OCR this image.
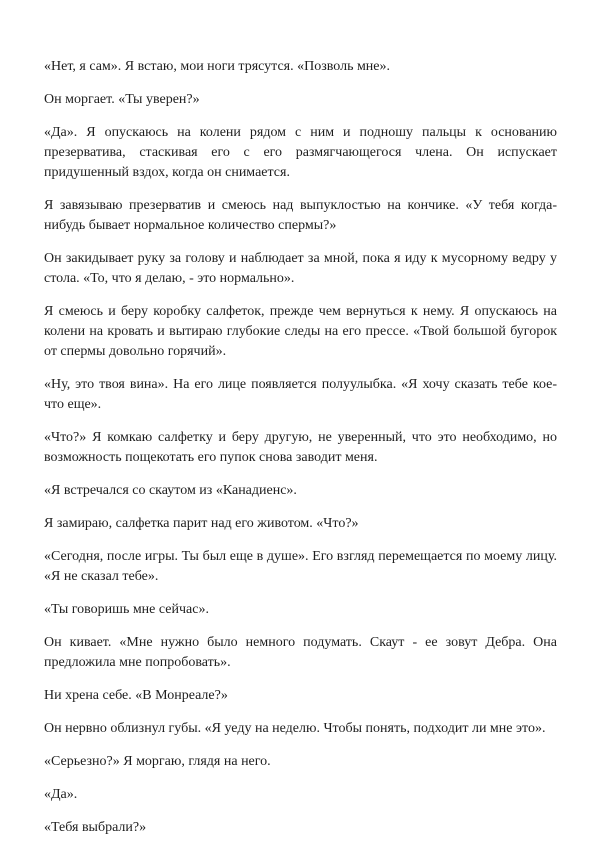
«Нет, я сам». Я встаю, мои ноги трясутся. «Позволь мне».

Он моргает. «Ты уверен?»

«Да». Я опускаюсь на колени рядом с ним и подношу пальцы к основанию презерватива, стаскивая его с его размягчающегося члена. Он испускает придушенный вздох, когда он снимается.

Я завязываю презерватив и смеюсь над выпуклостью на кончике. «У тебя когда-нибудь бывает нормальное количество спермы?»

Он закидывает руку за голову и наблюдает за мной, пока я иду к мусорному ведру у стола. «То, что я делаю, - это нормально».

Я смеюсь и беру коробку салфеток, прежде чем вернуться к нему. Я опускаюсь на колени на кровать и вытираю глубокие следы на его прессе. «Твой большой бугорок от спермы довольно горячий».

«Ну, это твоя вина». На его лице появляется полуулыбка. «Я хочу сказать тебе кое-что еще».

«Что?» Я комкаю салфетку и беру другую, не уверенный, что это необходимо, но возможность пощекотать его пупок снова заводит меня.

«Я встречался со скаутом из «Канадиенс».

Я замираю, салфетка парит над его животом. «Что?»

«Сегодня, после игры. Ты был еще в душе». Его взгляд перемещается по моему лицу. «Я не сказал тебе».

«Ты говоришь мне сейчас».

Он кивает. «Мне нужно было немного подумать. Скаут - ее зовут Дебра. Она предложила мне попробовать».

Ни хрена себе. «В Монреале?»

Он нервно облизнул губы. «Я уеду на неделю. Чтобы понять, подходит ли мне это».

«Серьезно?» Я моргаю, глядя на него.

«Да».

«Тебя выбрали?»
